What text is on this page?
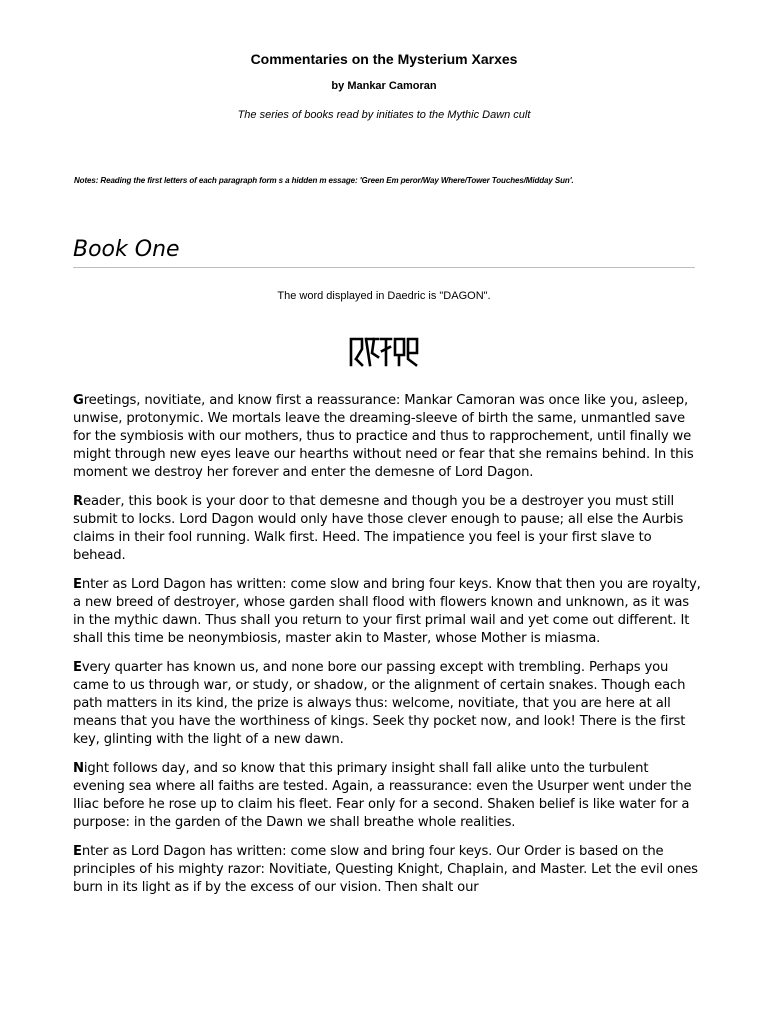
Commentaries on the Mysterium Xarxes
by Mankar Camoran
The series of books read by initiates to the Mythic Dawn cult
Notes: Reading the first letters of each paragraph form s a hidden m essage: 'Green Em peror/Way Where/Tower Touches/Midday Sun'.
Book One
The word displayed in Daedric is "DAGON".

Greetings, novitiate, and know first a reassurance: Mankar Camoran was once like you, asleep, unwise, protonymic. We mortals leave the dreaming-sleeve of birth the same, unmantled save for the symbiosis with our mothers, thus to practice and thus to rapprochement, until finally we might through new eyes leave our hearths without need or fear that she remains behind. In this moment we destroy her forever and enter the demesne of Lord Dagon.

Reader, this book is your door to that demesne and though you be a destroyer you must still submit to locks. Lord Dagon would only have those clever enough to pause; all else the Aurbis claims in their fool running. Walk first. Heed. The impatience you feel is your first slave to behead.

Enter as Lord Dagon has written: come slow and bring four keys. Know that then you are royalty, a new breed of destroyer, whose garden shall flood with flowers known and unknown, as it was in the mythic dawn. Thus shall you return to your first primal wail and yet come out different. It shall this time be neonymbiosis, master akin to Master, whose Mother is miasma.

Every quarter has known us, and none bore our passing except with trembling. Perhaps you came to us through war, or study, or shadow, or the alignment of certain snakes. Though each path matters in its kind, the prize is always thus: welcome, novitiate, that you are here at all means that you have the worthiness of kings. Seek thy pocket now, and look! There is the first key, glinting with the light of a new dawn.

Night follows day, and so know that this primary insight shall fall alike unto the turbulent evening sea where all faiths are tested. Again, a reassurance: even the Usurper went under the Iliac before he rose up to claim his fleet. Fear only for a second. Shaken belief is like water for a purpose: in the garden of the Dawn we shall breathe whole realities.

Enter as Lord Dagon has written: come slow and bring four keys. Our Order is based on the principles of his mighty razor: Novitiate, Questing Knight, Chaplain, and Master. Let the evil ones burn in its light as if by the excess of our vision. Then shalt our
